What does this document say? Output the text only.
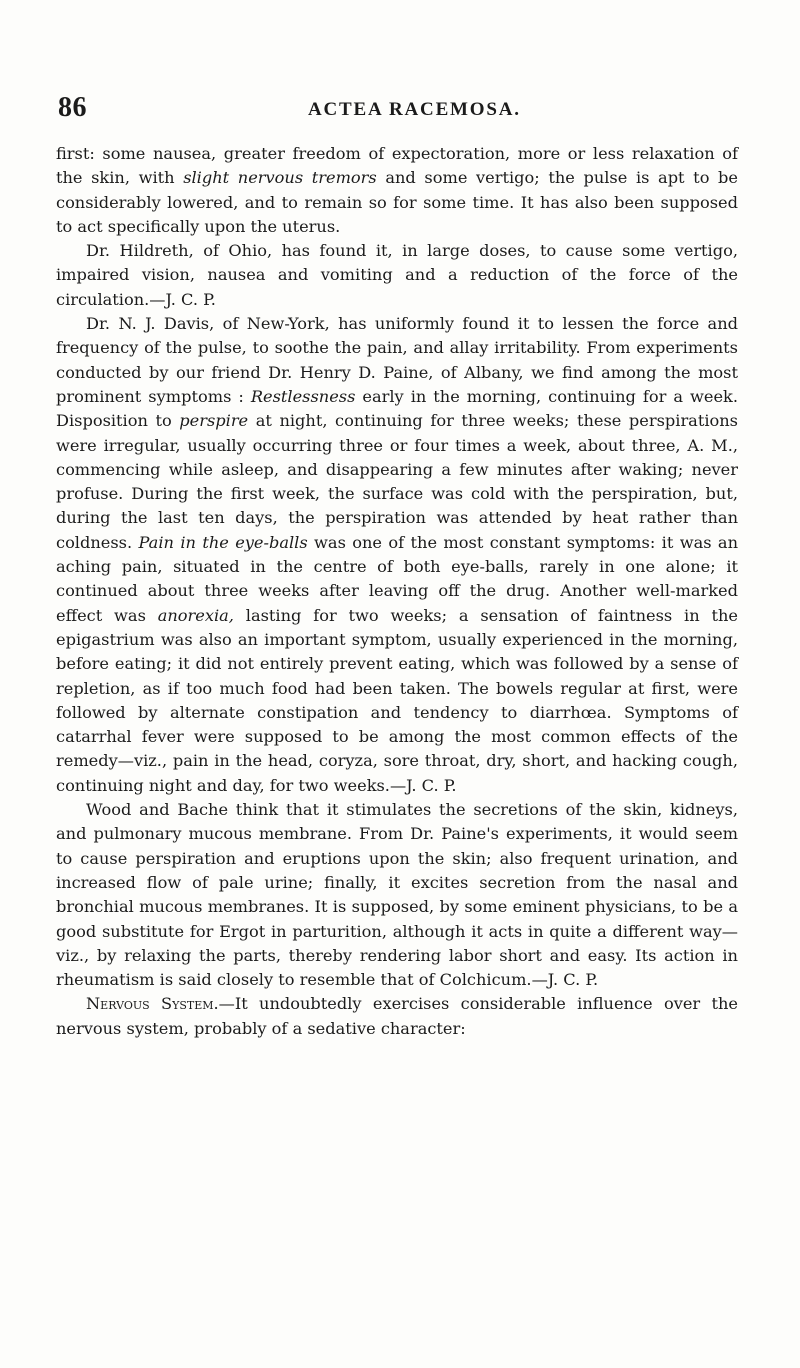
86	ACTEA RACEMOSA.

first: some nausea, greater freedom of expectoration, more or less relaxation of the skin, with slight nervous tremors and some vertigo; the pulse is apt to be considerably lowered, and to remain so for some time. It has also been supposed to act specifically upon the uterus.

Dr. Hildreth, of Ohio, has found it, in large doses, to cause some vertigo, impaired vision, nausea and vomiting and a reduction of the force of the circulation.—J. C. P.

Dr. N. J. Davis, of New-York, has uniformly found it to lessen the force and frequency of the pulse, to soothe the pain, and allay irritability. From experiments conducted by our friend Dr. Henry D. Paine, of Albany, we find among the most prominent symptoms : Restlessness early in the morning, continuing for a week. Disposition to perspire at night, continuing for three weeks; these perspirations were irregular, usually occurring three or four times a week, about three, A. M., commencing while asleep, and disappearing a few minutes after waking; never profuse. During the first week, the surface was cold with the perspiration, but, during the last ten days, the perspiration was attended by heat rather than coldness. Pain in the eye-balls was one of the most constant symptoms: it was an aching pain, situated in the centre of both eye-balls, rarely in one alone; it continued about three weeks after leaving off the drug. Another well-marked effect was anorexia, lasting for two weeks; a sensation of faintness in the epigastrium was also an important symptom, usually experienced in the morning, before eating; it did not entirely prevent eating, which was followed by a sense of repletion, as if too much food had been taken. The bowels regular at first, were followed by alternate constipation and tendency to diarrhœa. Symptoms of catarrhal fever were supposed to be among the most common effects of the remedy—viz., pain in the head, coryza, sore throat, dry, short, and hacking cough, continuing night and day, for two weeks.—J. C. P.

Wood and Bache think that it stimulates the secretions of the skin, kidneys, and pulmonary mucous membrane. From Dr. Paine's experiments, it would seem to cause perspiration and eruptions upon the skin; also frequent urination, and increased flow of pale urine; finally, it excites secretion from the nasal and bronchial mucous membranes. It is supposed, by some eminent physicians, to be a good substitute for Ergot in parturition, although it acts in quite a different way—viz., by relaxing the parts, thereby rendering labor short and easy. Its action in rheumatism is said closely to resemble that of Colchicum.—J. C. P.

Nervous System.—It undoubtedly exercises considerable influence over the nervous system, probably of a sedative character:
